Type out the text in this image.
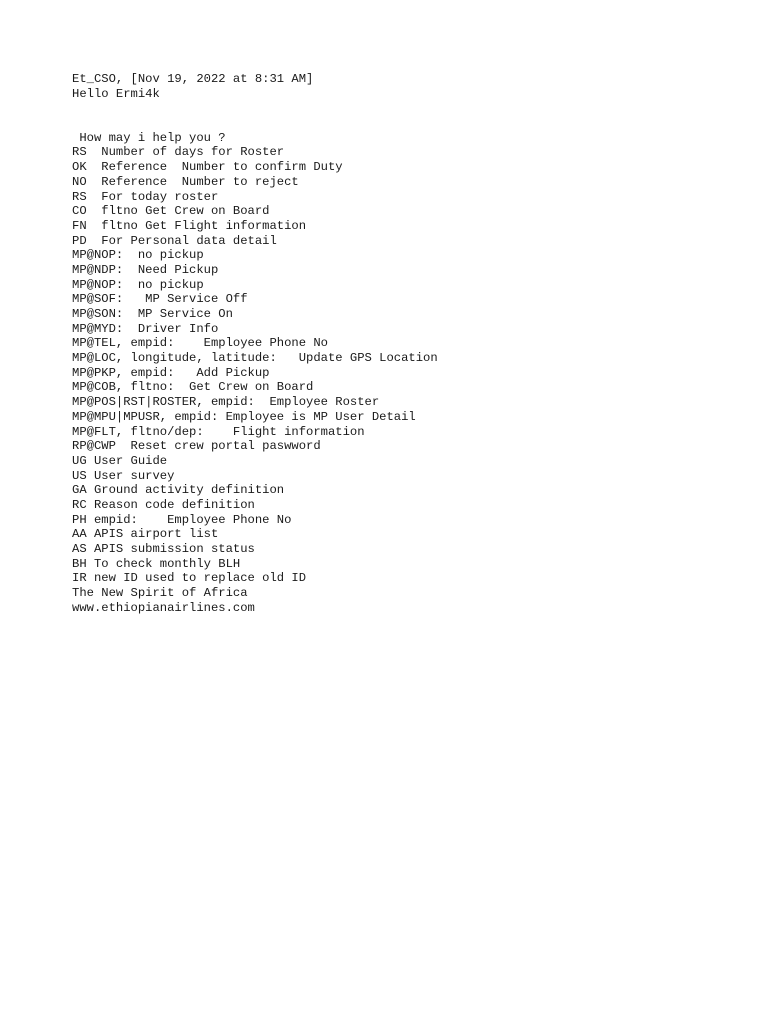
Et_CSO, [Nov 19, 2022 at 8:31 AM]
Hello Ermi4k
How may i help you ?
RS  Number of days for Roster
OK  Reference  Number to confirm Duty
NO  Reference  Number to reject
RS  For today roster
CO  fltno Get Crew on Board
FN  fltno Get Flight information
PD  For Personal data detail
MP@NOP:  no pickup
MP@NDP:  Need Pickup
MP@NOP:  no pickup
MP@SOF:   MP Service Off
MP@SON:  MP Service On
MP@MYD:  Driver Info
MP@TEL, empid:    Employee Phone No
MP@LOC, longitude, latitude:   Update GPS Location
MP@PKP, empid:   Add Pickup
MP@COB, fltno:  Get Crew on Board
MP@POS|RST|ROSTER, empid:  Employee Roster
MP@MPU|MPUSR, empid: Employee is MP User Detail
MP@FLT, fltno/dep:    Flight information
RP@CWP  Reset crew portal paswword
UG User Guide
US User survey
GA Ground activity definition
RC Reason code definition
PH empid:    Employee Phone No
AA APIS airport list
AS APIS submission status
BH To check monthly BLH
IR new ID used to replace old ID
The New Spirit of Africa
www.ethiopianairlines.com
